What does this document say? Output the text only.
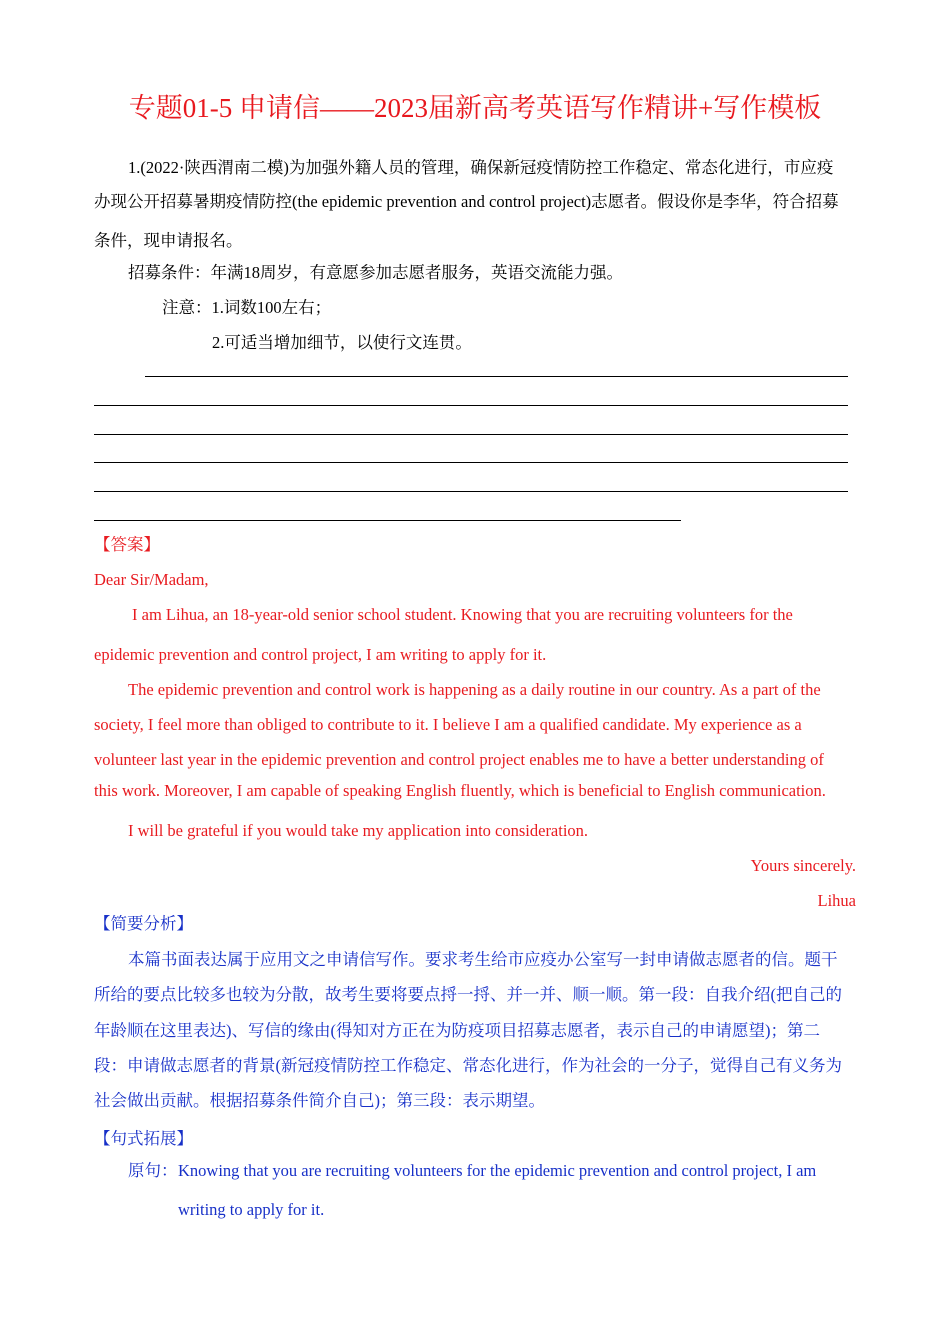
专题01-5 申请信——2023届新高考英语写作精讲+写作模板
1.(2022·陕西渭南二模)为加强外籍人员的管理，确保新冠疫情防控工作稳定、常态化进行，市应疫
办现公开招募暑期疫情防控(the epidemic prevention and control project)志愿者。假设你是李华，符合招募
条件，现申请报名。
招募条件：年满18周岁，有意愿参加志愿者服务，英语交流能力强。
注意：1.词数100左右；
2.可适当增加细节，以使行文连贯。
【答案】
Dear Sir/Madam,
I am Lihua, an 18-year-old senior school student. Knowing that you are recruiting volunteers for the
epidemic prevention and control project, I am writing to apply for it.
The epidemic prevention and control work is happening as a daily routine in our country. As a part of the
society, I feel more than obliged to contribute to it. I believe I am a qualified candidate. My experience as a
volunteer last year in the epidemic prevention and control project enables me to have a better understanding of
this work. Moreover, I am capable of speaking English fluently, which is beneficial to English communication.
I will be grateful if you would take my application into consideration.
Yours sincerely.
Lihua
【简要分析】
本篇书面表达属于应用文之申请信写作。要求考生给市应疫办公室写一封申请做志愿者的信。题干
所给的要点比较多也较为分散，故考生要将要点捋一捋、并一并、顺一顺。第一段：自我介绍(把自己的
年龄顺在这里表达)、写信的缘由(得知对方正在为防疫项目招募志愿者，表示自己的申请愿望)；第二
段：申请做志愿者的背景(新冠疫情防控工作稳定、常态化进行，作为社会的一分子，觉得自己有义务为
社会做出贡献。根据招募条件简介自己)；第三段：表示期望。
【句式拓展】
原句： Knowing that you are recruiting volunteers for the epidemic prevention and control project, I am
writing to apply for it.
